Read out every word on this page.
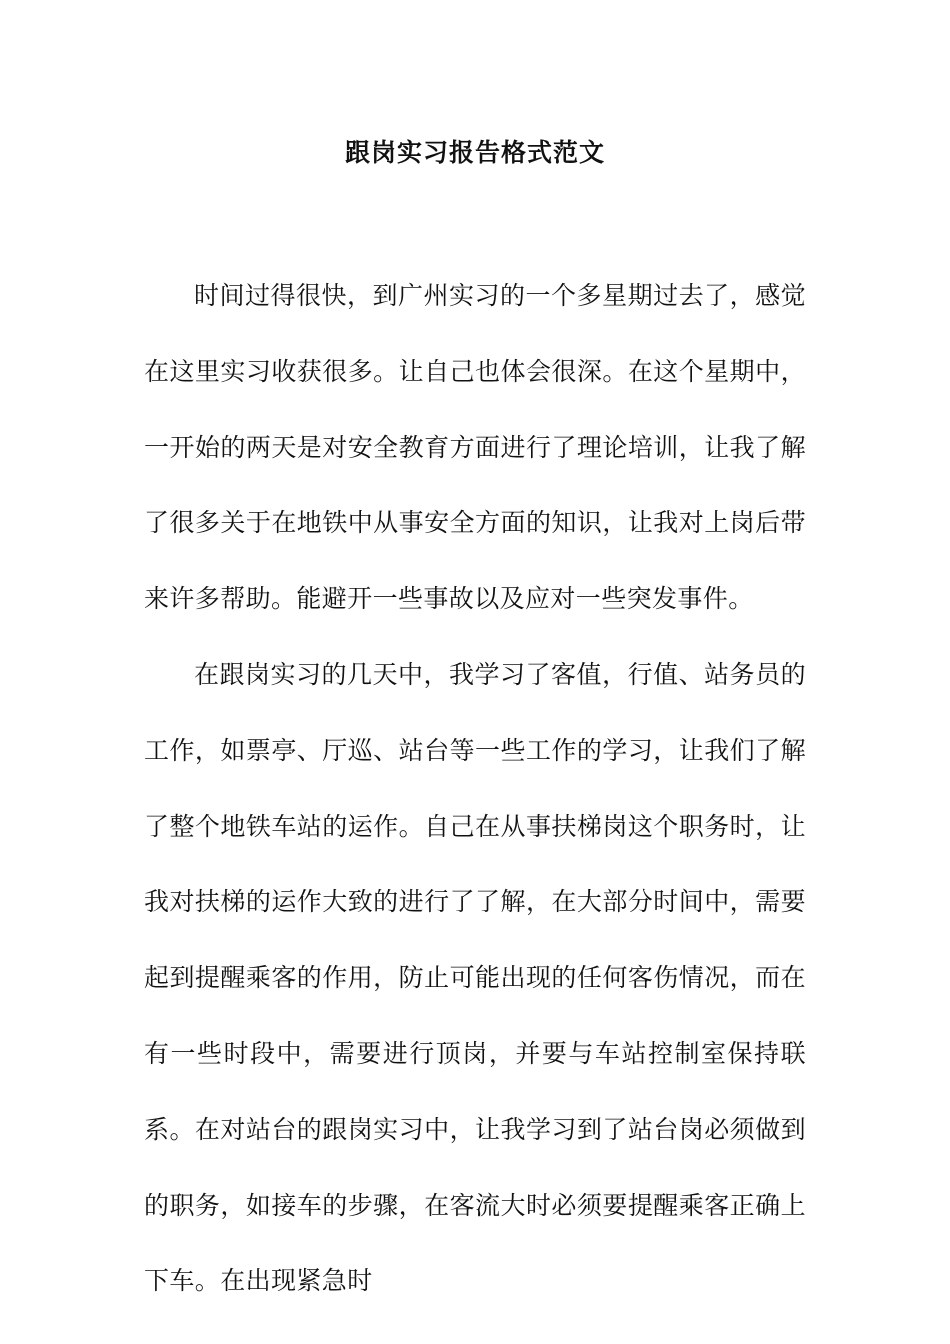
跟岗实习报告格式范文

时间过得很快，到广州实习的一个多星期过去了，感觉在这里实习收获很多。让自己也体会很深。在这个星期中，一开始的两天是对安全教育方面进行了理论培训，让我了解了很多关于在地铁中从事安全方面的知识，让我对上岗后带来许多帮助。能避开一些事故以及应对一些突发事件。

在跟岗实习的几天中，我学习了客值，行值、站务员的工作，如票亭、厅巡、站台等一些工作的学习，让我们了解了整个地铁车站的运作。自己在从事扶梯岗这个职务时，让我对扶梯的运作大致的进行了了解，在大部分时间中，需要起到提醒乘客的作用，防止可能出现的任何客伤情况，而在有一些时段中，需要进行顶岗，并要与车站控制室保持联系。在对站台的跟岗实习中，让我学习到了站台岗必须做到的职务，如接车的步骤，在客流大时必须要提醒乘客正确上下车。在出现紧急时
